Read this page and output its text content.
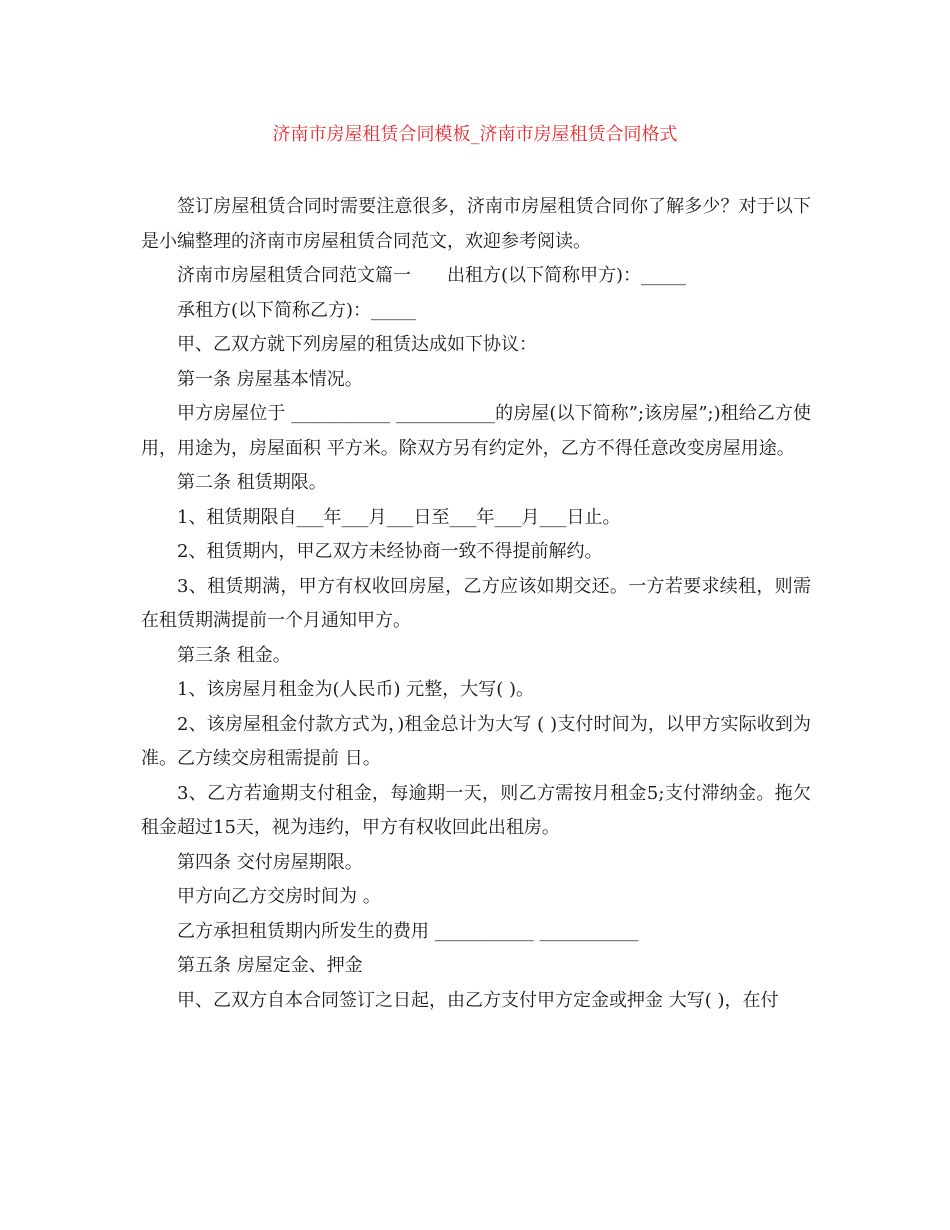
济南市房屋租赁合同模板_济南市房屋租赁合同格式

签订房屋租赁合同时需要注意很多，济南市房屋租赁合同你了解多少？对于以下是小编整理的济南市房屋租赁合同范文，欢迎参考阅读。

济南市房屋租赁合同范文篇一　　出租方(以下简称甲方)：_____

承租方(以下简称乙方)：_____

甲、乙双方就下列房屋的租赁达成如下协议：

第一条 房屋基本情况。

甲方房屋位于 ___________ ___________的房屋(以下简称”;该房屋”;)租给乙方使用，用途为，房屋面积 平方米。除双方另有约定外，乙方不得任意改变房屋用途。

第二条 租赁期限。

1、租赁期限自___年___月___日至___年___月___日止。

2、租赁期内，甲乙双方未经协商一致不得提前解约。

3、租赁期满，甲方有权收回房屋，乙方应该如期交还。一方若要求续租，则需在租赁期满提前一个月通知甲方。

第三条 租金。

1、该房屋月租金为(人民币) 元整，大写( )。

2、该房屋租金付款方式为，)租金总计为大写 ( )支付时间为，以甲方实际收到为准。乙方续交房租需提前 日。

3、乙方若逾期支付租金，每逾期一天，则乙方需按月租金5;支付滞纳金。拖欠租金超过15天，视为违约，甲方有权收回此出租房。

第四条 交付房屋期限。

甲方向乙方交房时间为 。

乙方承担租赁期内所发生的费用 ___________ ___________

第五条 房屋定金、押金

甲、乙双方自本合同签订之日起，由乙方支付甲方定金或押金 大写( )，在付
